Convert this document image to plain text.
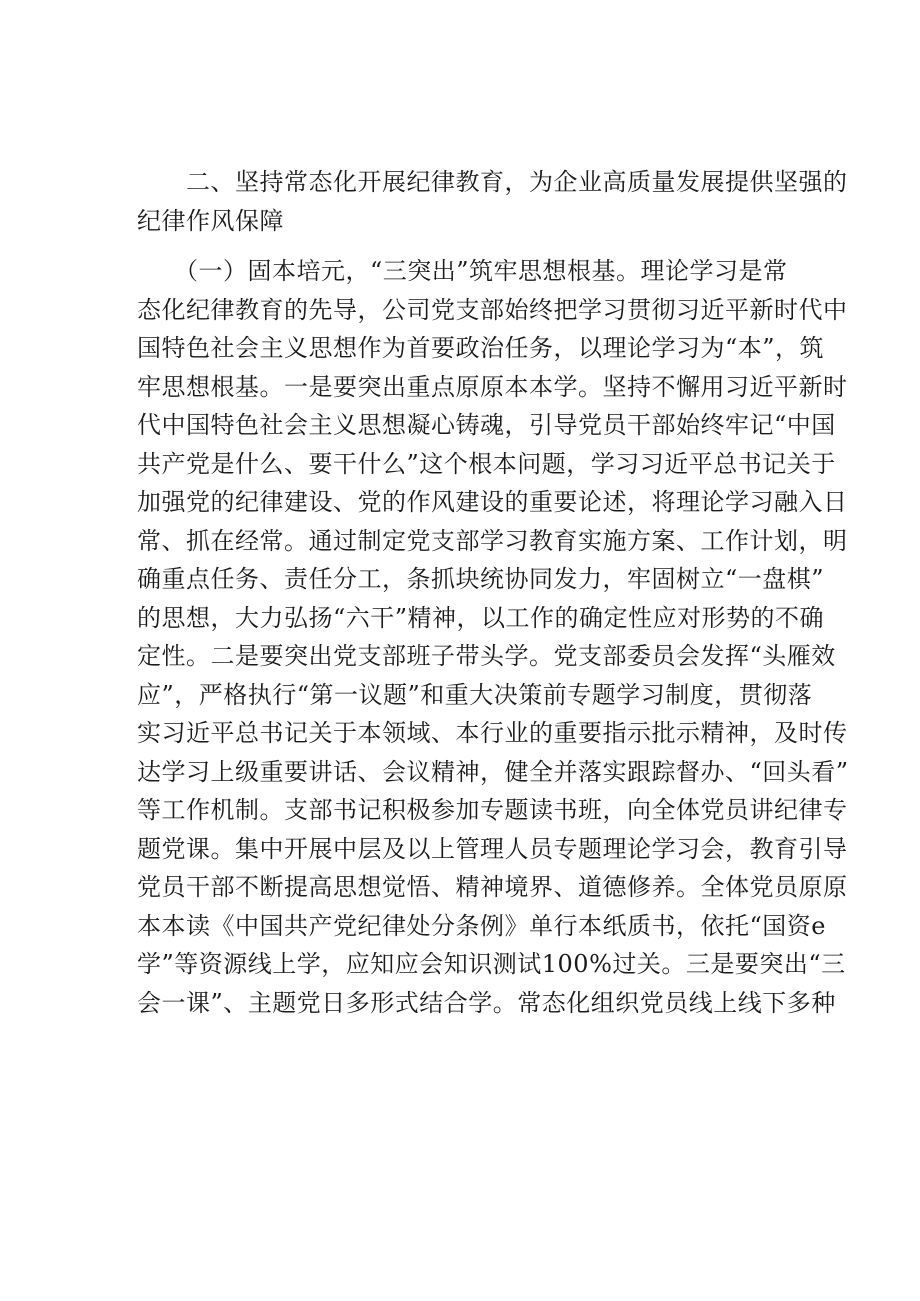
　　二、坚持常态化开展纪律教育，为企业高质量发展提供坚强的
纪律作风保障
　　（一）固本培元，“三突出”筑牢思想根基。理论学习是常
态化纪律教育的先导，公司党支部始终把学习贯彻习近平新时代中
国特色社会主义思想作为首要政治任务，以理论学习为“本”，筑
牢思想根基。一是要突出重点原原本本学。坚持不懈用习近平新时
代中国特色社会主义思想凝心铸魂，引导党员干部始终牢记“中国
共产党是什么、要干什么”这个根本问题，学习习近平总书记关于
加强党的纪律建设、党的作风建设的重要论述，将理论学习融入日
常、抓在经常。通过制定党支部学习教育实施方案、工作计划，明
确重点任务、责任分工，条抓块统协同发力，牢固树立“一盘棋”
的思想，大力弘扬“六干”精神，以工作的确定性应对形势的不确
定性。二是要突出党支部班子带头学。党支部委员会发挥“头雁效
应”，严格执行“第一议题”和重大决策前专题学习制度，贯彻落
实习近平总书记关于本领域、本行业的重要指示批示精神，及时传
达学习上级重要讲话、会议精神，健全并落实跟踪督办、“回头看”
等工作机制。支部书记积极参加专题读书班，向全体党员讲纪律专
题党课。集中开展中层及以上管理人员专题理论学习会，教育引导
党员干部不断提高思想觉悟、精神境界、道德修养。全体党员原原
本本读《中国共产党纪律处分条例》单行本纸质书，依托“国资e
学”等资源线上学，应知应会知识测试100%过关。三是要突出“三
会一课”、主题党日多形式结合学。常态化组织党员线上线下多种
